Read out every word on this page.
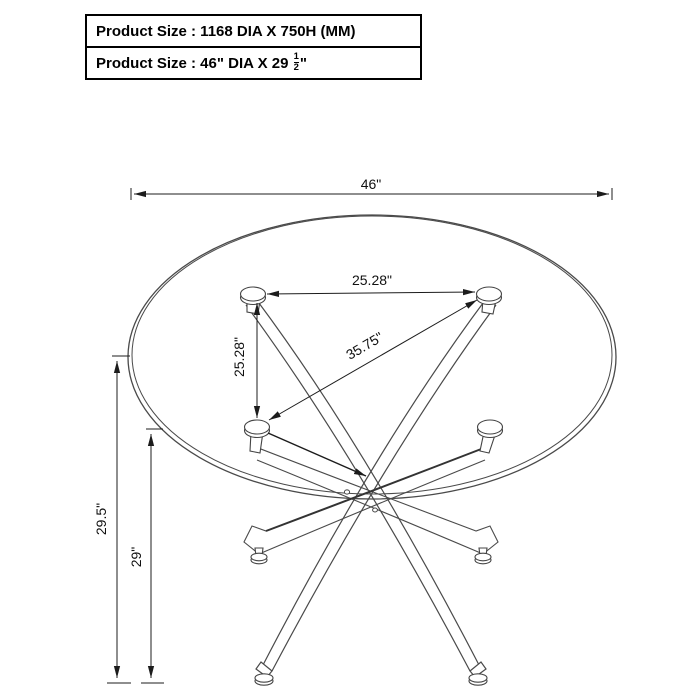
Product Size : 1168 DIA X 750H (MM)
Product Size : 46" DIA X $29 \frac{1}{2}$ "
46"
25.28"
25.28"	35.75"
29.5"
29"
